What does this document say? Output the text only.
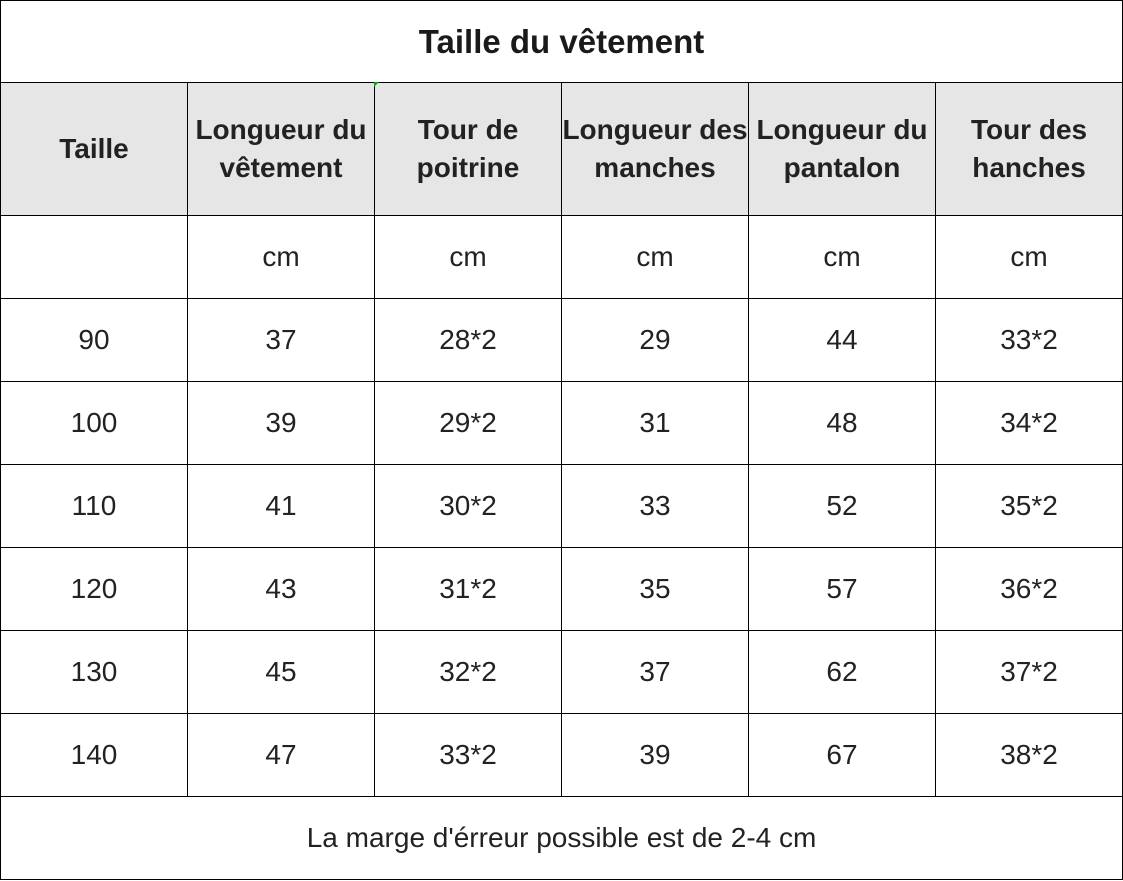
Taille du vêtement					
Taille	Longueur du vêtement	Tour de poitrine	Longueur des manches	Longueur du pantalon	Tour des hanches
	cm	cm	cm	cm	cm
90	37	28*2	29	44	33*2
100	39	29*2	31	48	34*2
110	41	30*2	33	52	35*2
120	43	31*2	35	57	36*2
130	45	32*2	37	62	37*2
140	47	33*2	39	67	38*2
La marge d'érreur possible est de 2-4 cm					
